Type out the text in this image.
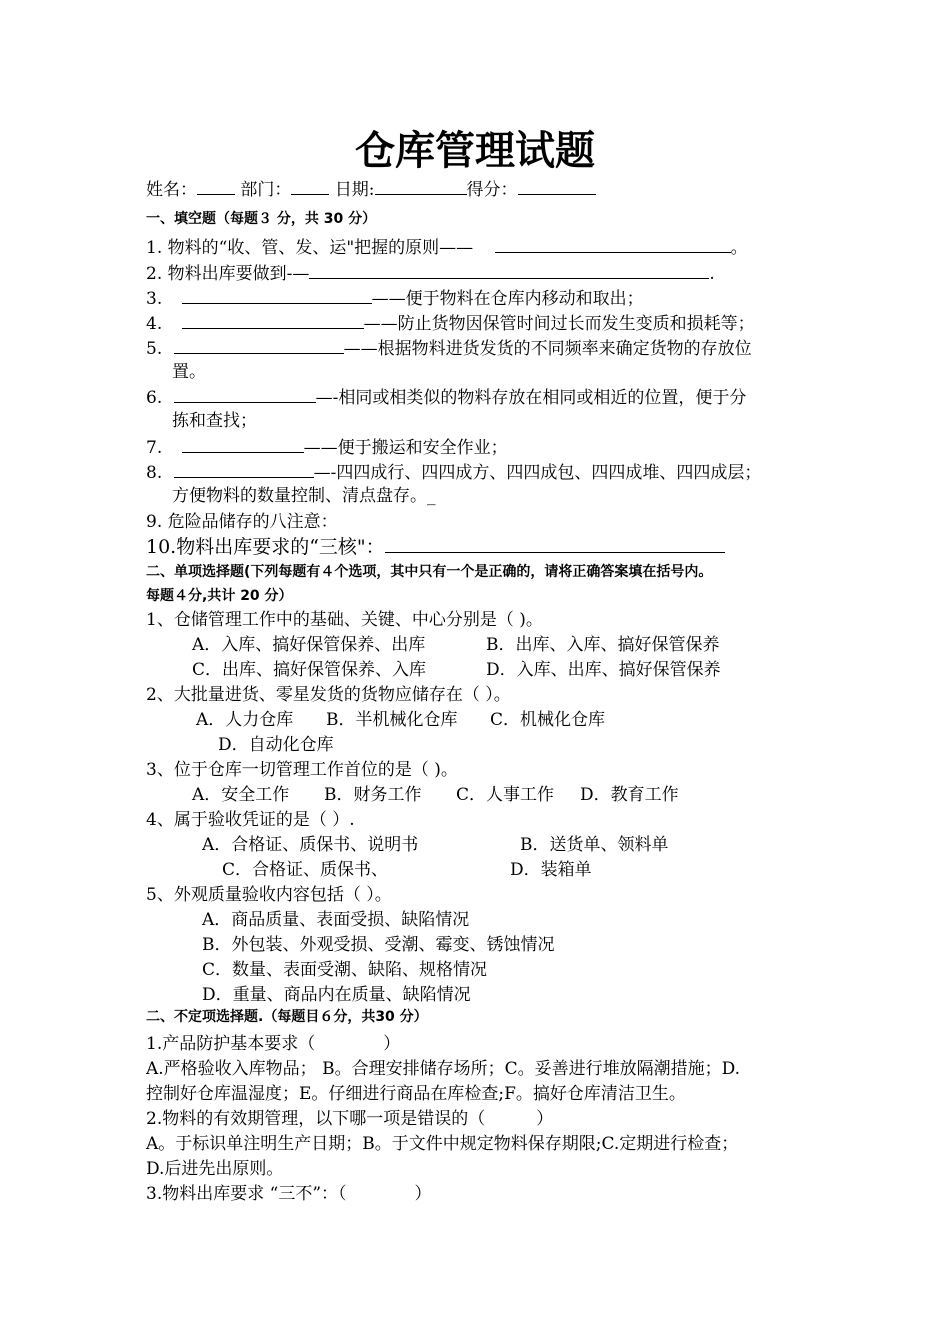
仓库管理试题
姓名：	部门：	日期:	得分：
一、填空题（每题３ 分，共 30 分）
1. 物料的“收、管、发、运"把握的原则——	。
2. 物料出库要做到-—	.
3.	——便于物料在仓库内移动和取出；
4.	——防止货物因保管时间过长而发生变质和损耗等；
5.	——根据物料进货发货的不同频率来确定货物的存放位
置。
6.	—-相同或相类似的物料存放在相同或相近的位置，便于分
拣和查找；
7.	——便于搬运和安全作业；
8.	—-四四成行、四四成方、四四成包、四四成堆、四四成层；
方便物料的数量控制、清点盘存。_
9. 危险品储存的八注意：
10.物料出库要求的“三核"：
二、单项选择题(下列每题有４个选项，其中只有一个是正确的，请将正确答案填在括号内。
每题４分,共计 20 分）
1、仓储管理工作中的基础、关键、中心分别是（ )。
A．入库、搞好保管保养、出库	B．出库、入库、搞好保管保养
C．出库、搞好保管保养、入库	D．入库、出库、搞好保管保养
2、大批量进货、零星发货的货物应储存在（ ）。
A．人力仓库 B．半机械化仓库 C．机械化仓库
D．自动化仓库
3、位于仓库一切管理工作首位的是（ )。
A．安全工作 B．财务工作 C．人事工作 D．教育工作
4、属于验收凭证的是（ ）.
A．合格证、质保书、说明书	B．送货单、领料单
C．合格证、质保书、	D．装箱单
5、外观质量验收内容包括（ ）。
A．商品质量、表面受损、缺陷情况
B．外包装、外观受损、受潮、霉变、锈蚀情况
C．数量、表面受潮、缺陷、规格情况
D．重量、商品内在质量、缺陷情况
二、不定项选择题.（每题目６分，共30 分）
1.产品防护基本要求（　　　　）
A.严格验收入库物品； B。合理安排储存场所；C。妥善进行堆放隔潮措施；D.
控制好仓库温湿度；E。仔细进行商品在库检查;F。搞好仓库清洁卫生。
2.物料的有效期管理，以下哪一项是错误的（　　　）
A。于标识单注明生产日期；B。于文件中规定物料保存期限;C.定期进行检查；
D.后进先出原则。
3.物料出库要求 “三不”：（　　　　）
